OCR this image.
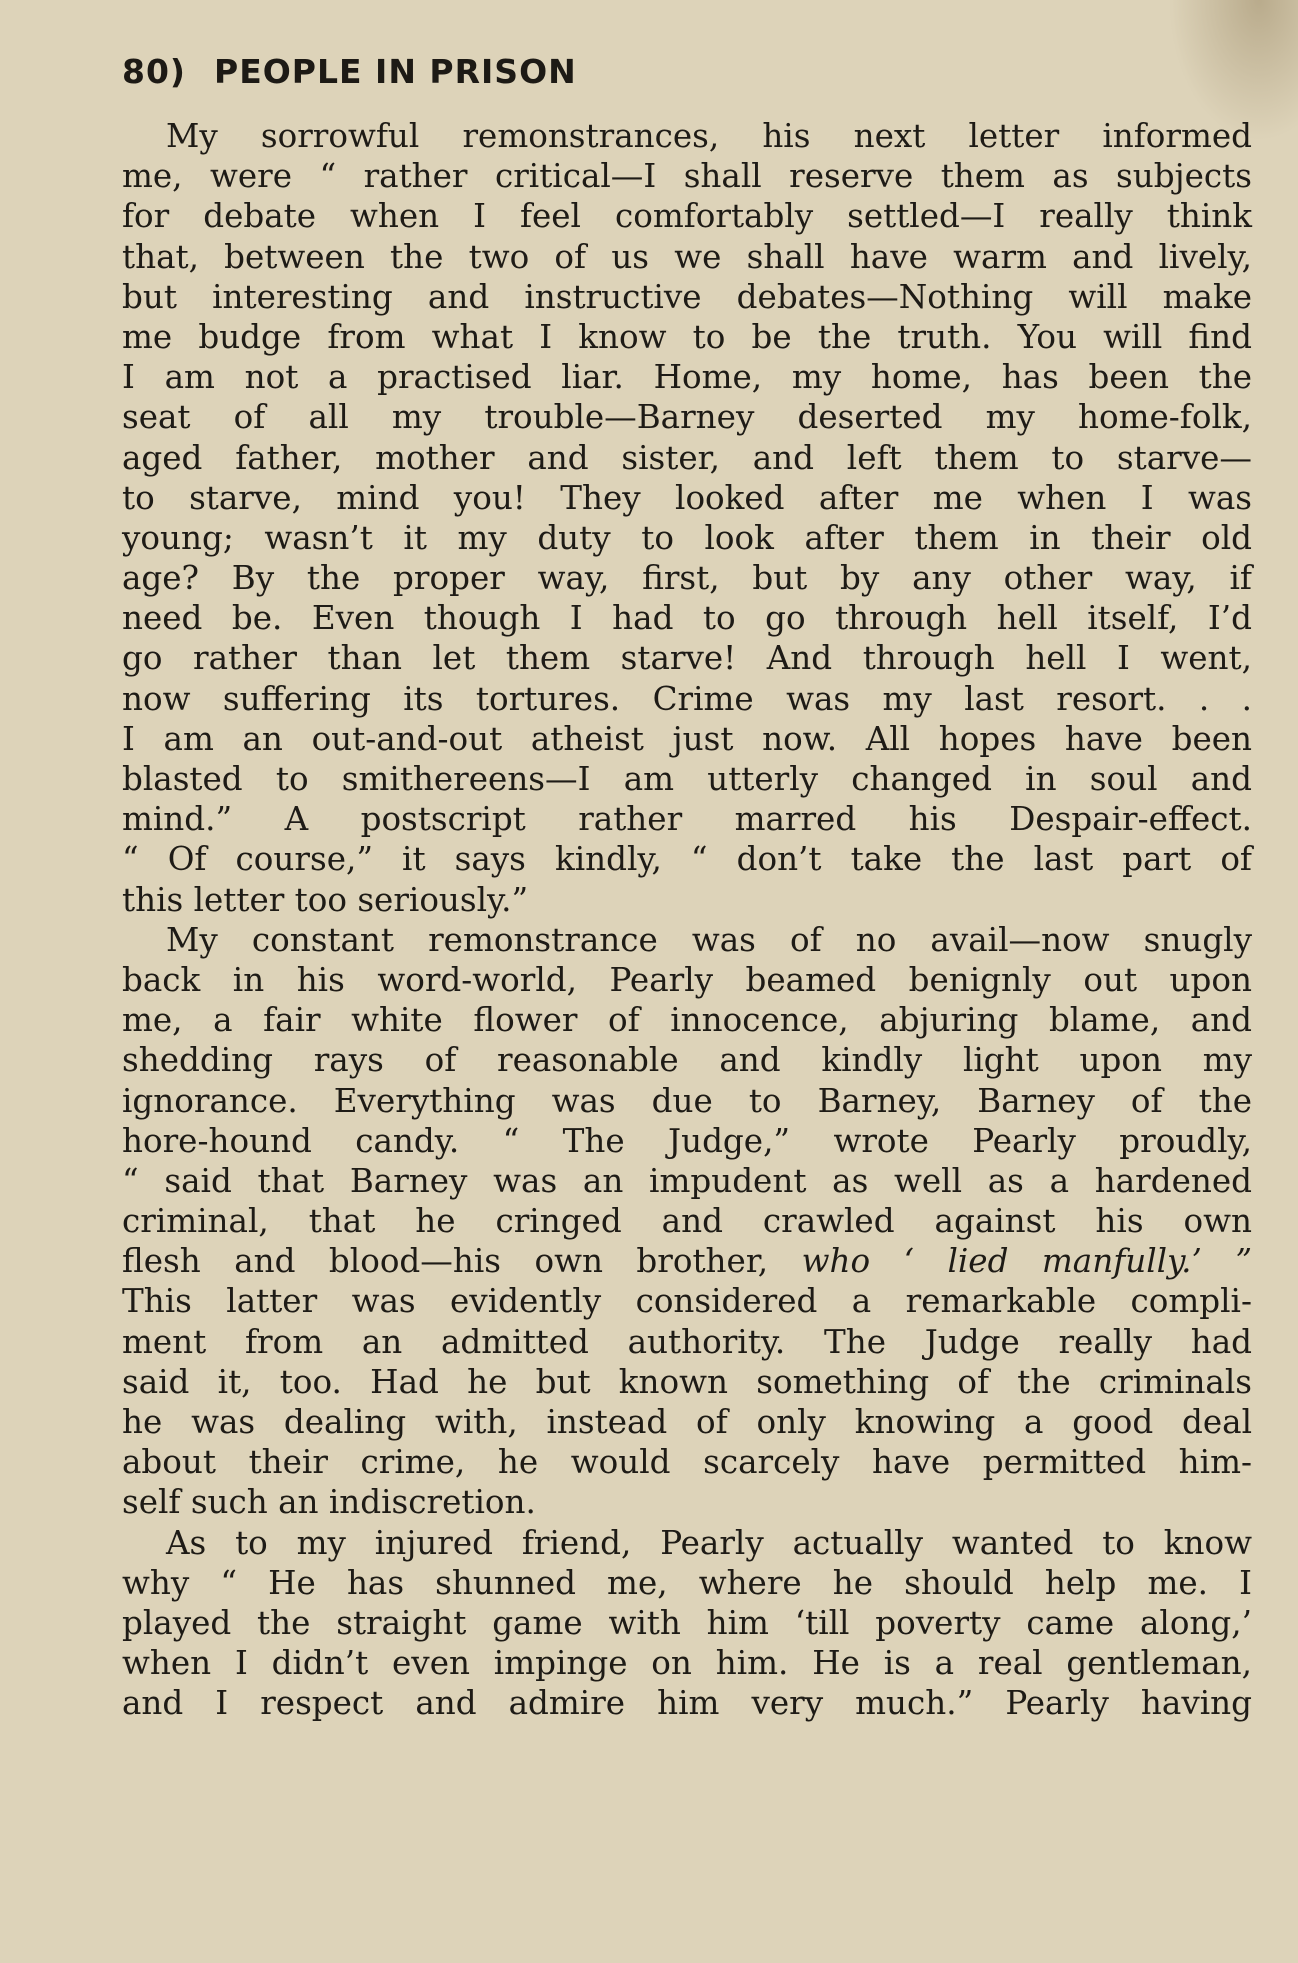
80) PEOPLE IN PRISON
My sorrowful remonstrances, his next letter informed
me, were “ rather critical—I shall reserve them as subjects
for debate when I feel comfortably settled—I really think
that, between the two of us we shall have warm and lively,
but interesting and instructive debates—Nothing will make
me budge from what I know to be the truth. You will find
I am not a practised liar. Home, my home, has been the
seat of all my trouble—Barney deserted my home-folk,
aged father, mother and sister, and left them to starve—
to starve, mind you! They looked after me when I was
young; wasn’t it my duty to look after them in their old
age? By the proper way, first, but by any other way, if
need be. Even though I had to go through hell itself, I’d
go rather than let them starve! And through hell I went,
now suffering its tortures. Crime was my last resort. . .
I am an out-and-out atheist just now. All hopes have been
blasted to smithereens—I am utterly changed in soul and
mind.” A postscript rather marred his Despair-effect.
“ Of course,” it says kindly, “ don’t take the last part of
this letter too seriously.”
My constant remonstrance was of no avail—now snugly
back in his word-world, Pearly beamed benignly out upon
me, a fair white flower of innocence, abjuring blame, and
shedding rays of reasonable and kindly light upon my
ignorance. Everything was due to Barney, Barney of the
hore-hound candy. “ The Judge,” wrote Pearly proudly,
“ said that Barney was an impudent as well as a hardened
criminal, that he cringed and crawled against his own
flesh and blood—his own brother, who ‘ lied manfully.’ ”
This latter was evidently considered a remarkable compli-
ment from an admitted authority. The Judge really had
said it, too. Had he but known something of the criminals
he was dealing with, instead of only knowing a good deal
about their crime, he would scarcely have permitted him-
self such an indiscretion.
As to my injured friend, Pearly actually wanted to know
why “ He has shunned me, where he should help me. I
played the straight game with him ‘till poverty came along,’
when I didn’t even impinge on him. He is a real gentleman,
and I respect and admire him very much.” Pearly having
